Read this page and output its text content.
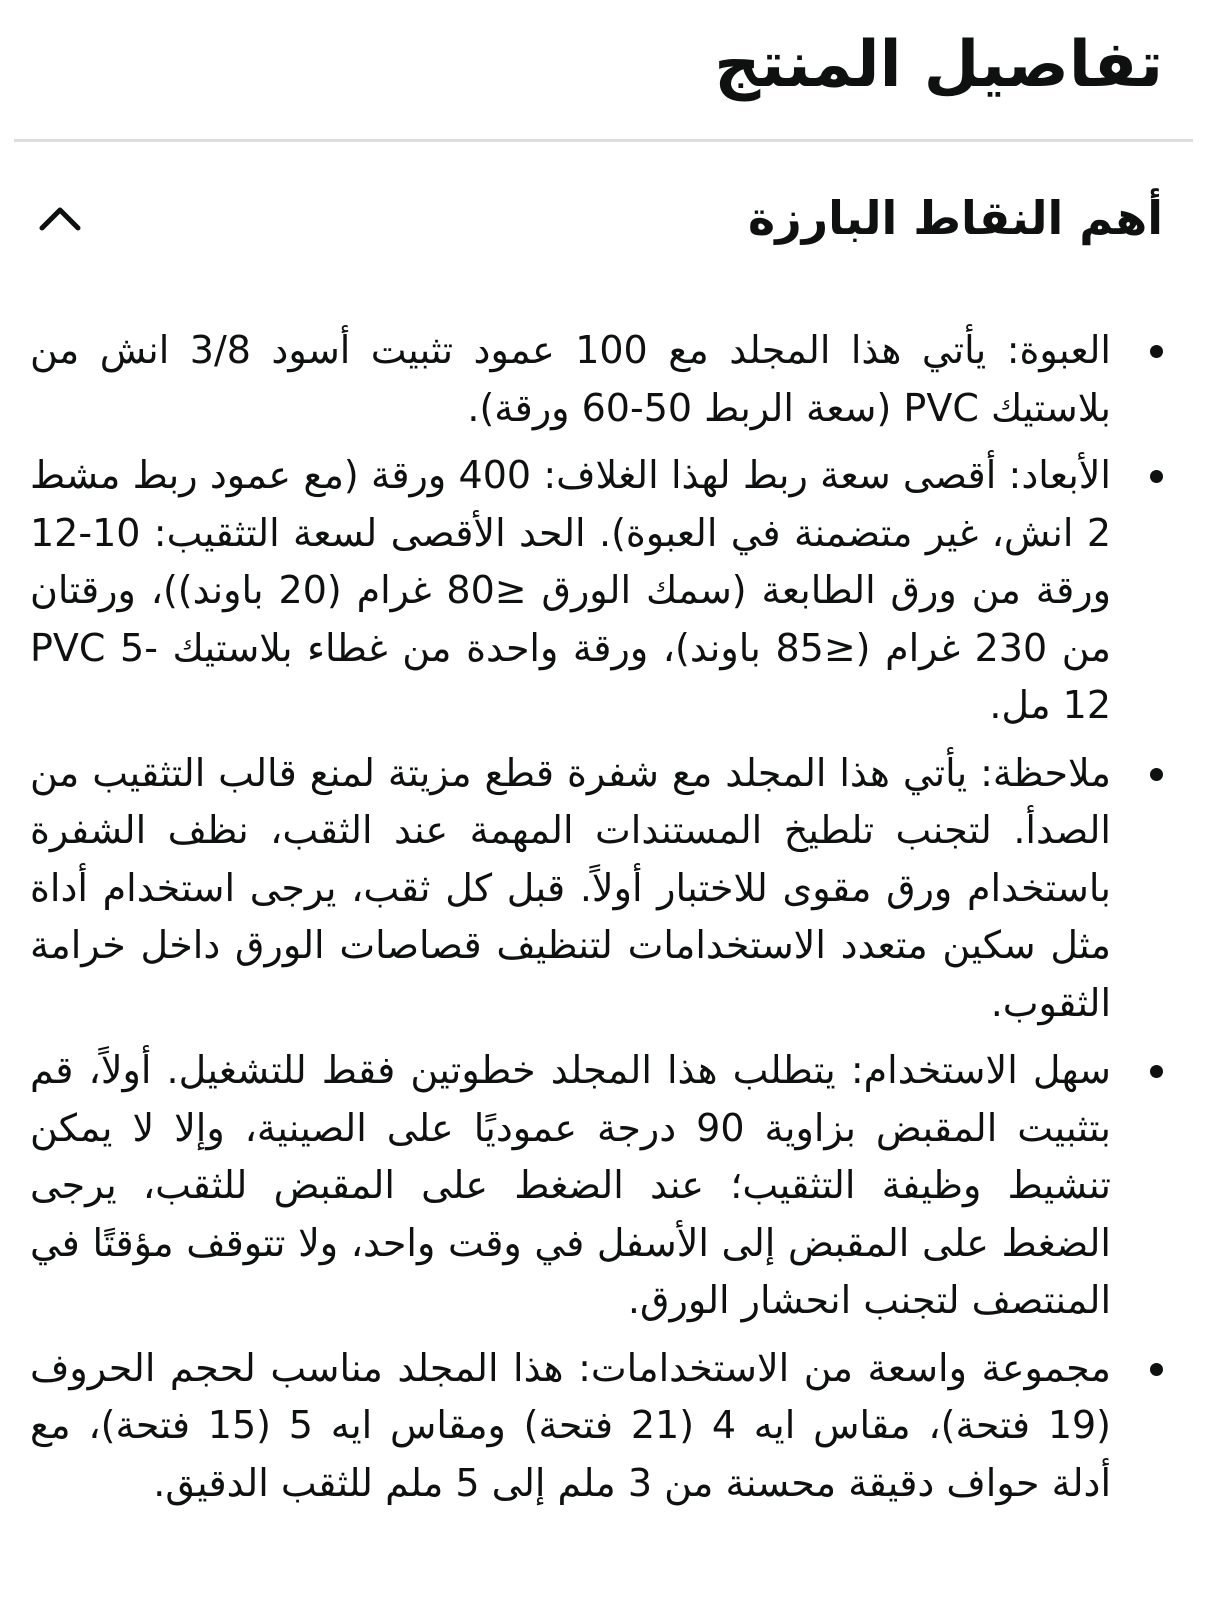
تفاصيل المنتج
أهم النقاط البارزة
العبوة: يأتي هذا المجلد مع 100 عمود تثبيت أسود 3/8 انش من بلاستيك PVC (سعة الربط 50-60 ورقة).
الأبعاد: أقصى سعة ربط لهذا الغلاف: 400 ورقة (مع عمود ربط مشط 2 انش، غير متضمنة في العبوة). الحد الأقصى لسعة التثقيب: 10-12 ورقة من ورق الطابعة (سمك الورق ≤80 غرام (20 باوند))، ورقتان من 230 غرام (≤85 باوند)، ورقة واحدة من غطاء بلاستيك PVC 5-12 مل.
ملاحظة: يأتي هذا المجلد مع شفرة قطع مزيتة لمنع قالب التثقيب من الصدأ. لتجنب تلطيخ المستندات المهمة عند الثقب، نظف الشفرة باستخدام ورق مقوى للاختبار أولاً. قبل كل ثقب، يرجى استخدام أداة مثل سكين متعدد الاستخدامات لتنظيف قصاصات الورق داخل خرامة الثقوب.
سهل الاستخدام: يتطلب هذا المجلد خطوتين فقط للتشغيل. أولاً، قم بتثبيت المقبض بزاوية 90 درجة عموديًا على الصينية، وإلا لا يمكن تنشيط وظيفة التثقيب؛ عند الضغط على المقبض للثقب، يرجى الضغط على المقبض إلى الأسفل في وقت واحد، ولا تتوقف مؤقتًا في المنتصف لتجنب انحشار الورق.
مجموعة واسعة من الاستخدامات: هذا المجلد مناسب لحجم الحروف (19 فتحة)، مقاس ايه 4 (21 فتحة) ومقاس ايه 5 (15 فتحة)، مع أدلة حواف دقيقة محسنة من 3 ملم إلى 5 ملم للثقب الدقيق.
